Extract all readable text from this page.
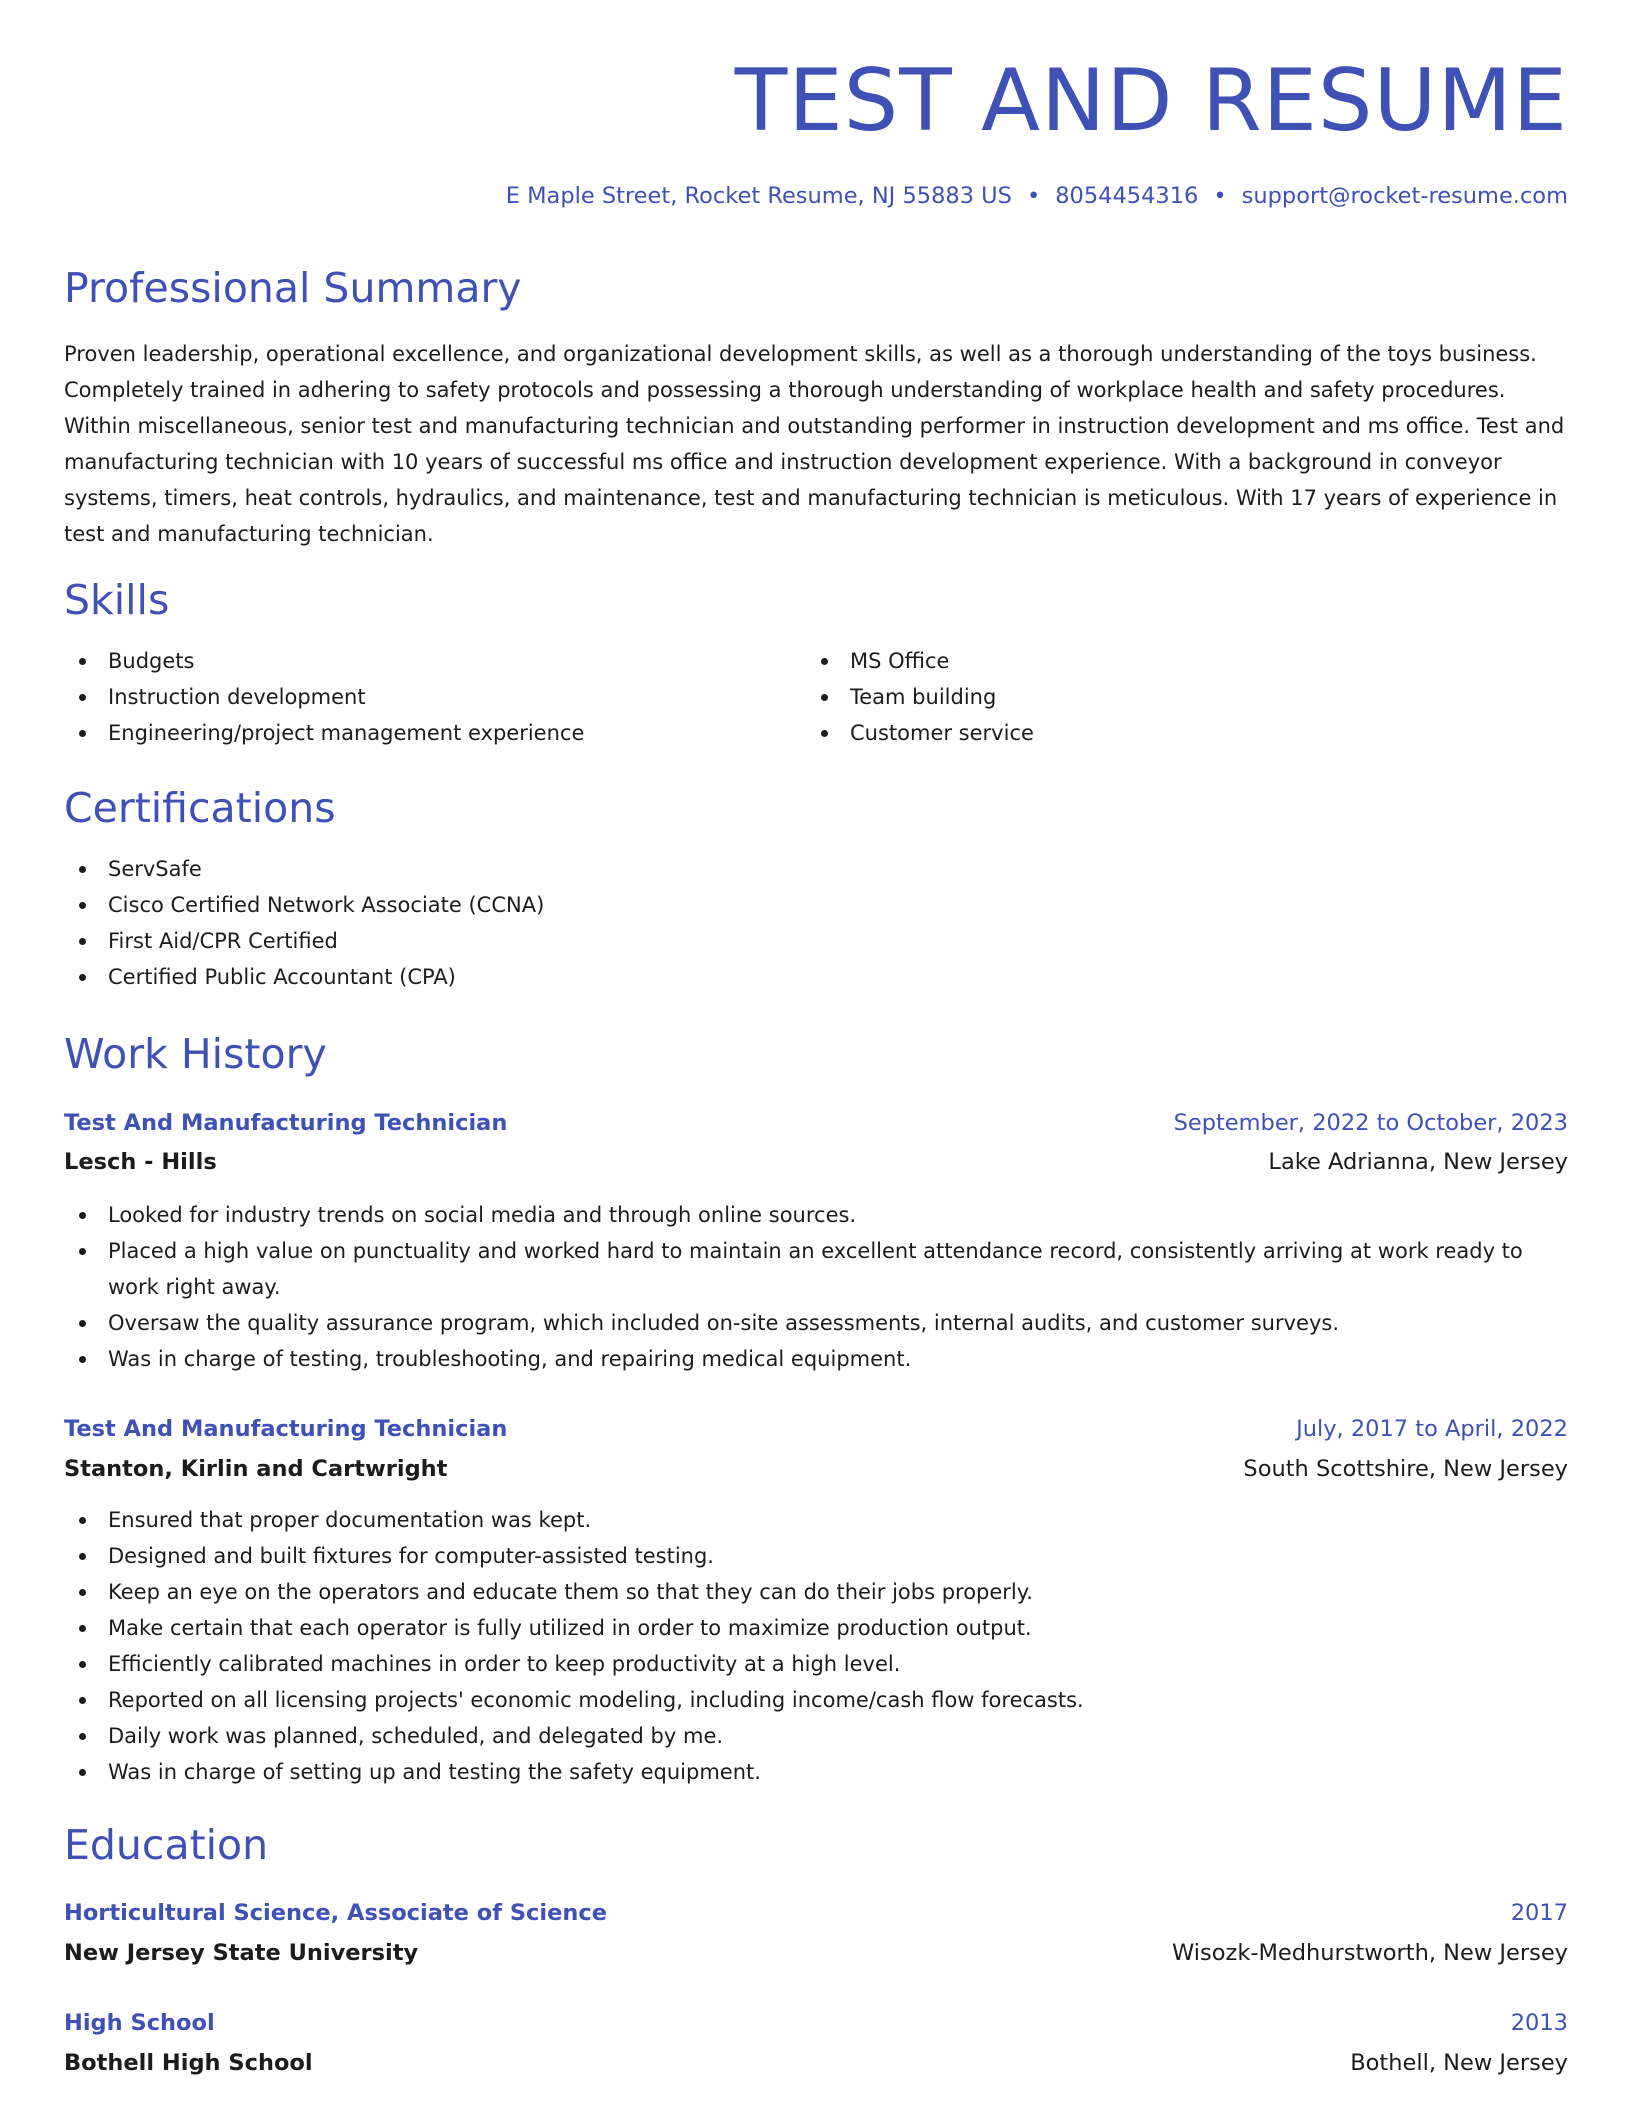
TEST AND RESUME
E Maple Street, Rocket Resume, NJ 55883 US • 8054454316 • support@rocket-resume.com
Professional Summary

Proven leadership, operational excellence, and organizational development skills, as well as a thorough understanding of the toys business. Completely trained in adhering to safety protocols and possessing a thorough understanding of workplace health and safety procedures. Within miscellaneous, senior test and manufacturing technician and outstanding performer in instruction development and ms office. Test and manufacturing technician with 10 years of successful ms office and instruction development experience. With a background in conveyor systems, timers, heat controls, hydraulics, and maintenance, test and manufacturing technician is meticulous. With 17 years of experience in test and manufacturing technician.

Skills
Budgets
Instruction development
Engineering/project management experience
MS Office
Team building
Customer service
Certifications
ServSafe
Cisco Certified Network Associate (CCNA)
First Aid/CPR Certified
Certified Public Accountant (CPA)
Work History
Test And Manufacturing Technician	September, 2022 to October, 2023
Lesch - Hills	Lake Adrianna, New Jersey
Looked for industry trends on social media and through online sources.
Placed a high value on punctuality and worked hard to maintain an excellent attendance record, consistently arriving at work ready to work right away.
Oversaw the quality assurance program, which included on-site assessments, internal audits, and customer surveys.
Was in charge of testing, troubleshooting, and repairing medical equipment.
Test And Manufacturing Technician	July, 2017 to April, 2022
Stanton, Kirlin and Cartwright	South Scottshire, New Jersey
Ensured that proper documentation was kept.
Designed and built fixtures for computer-assisted testing.
Keep an eye on the operators and educate them so that they can do their jobs properly.
Make certain that each operator is fully utilized in order to maximize production output.
Efficiently calibrated machines in order to keep productivity at a high level.
Reported on all licensing projects' economic modeling, including income/cash flow forecasts.
Daily work was planned, scheduled, and delegated by me.
Was in charge of setting up and testing the safety equipment.
Education
Horticultural Science, Associate of Science	2017
New Jersey State University	Wisozk-Medhurstworth, New Jersey
High School	2013
Bothell High School	Bothell, New Jersey
